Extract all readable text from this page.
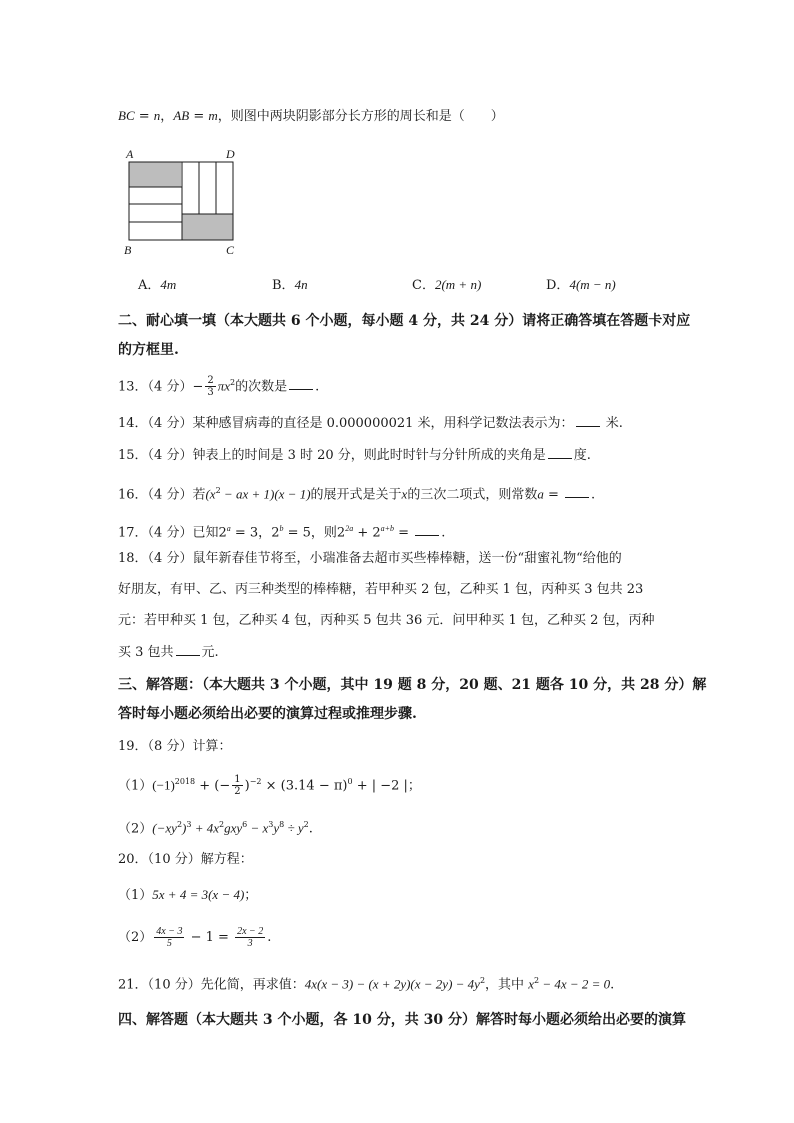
BC = n，AB = m，则图中两块阴影部分长方形的周长和是（　　）
A	D
B	C
A．4m	B．4n	C．2(m + n)	D．4(m − n)
二、耐心填一填（本大题共 6 个小题，每小题 4 分，共 24 分）请将正确答填在答题卡对应
的方框里.
13．（4 分）− $\frac{2}{3} \pi x^2$的次数是 .
14．（4 分）某种感冒病毒的直径是 0.000000021 米，用科学记数法表示为： 米.
15．（4 分）钟表上的时间是 3 时 20 分，则此时时针与分针所成的夹角是 度.
16．（4 分）若($x^2$ − ax + 1)(x − 1)的展开式是关于x的三次二项式，则常数a = .
17．（4 分）已知$2^a = 3$，$2^b = 5$，则$2^{2a} + 2^{a+b}$ = .
18．（4 分）鼠年新春佳节将至，小瑞准备去超市买些棒棒糖，送一份“甜蜜礼物“给他的
好朋友，有甲、乙、丙三种类型的棒棒糖，若甲种买 2 包，乙种买 1 包，丙种买 3 包共 23
元：若甲种买 1 包，乙种买 4 包，丙种买 5 包共 36 元．问甲种买 1 包，乙种买 2 包，丙种
买 3 包共 元.
三、解答题：（本大题共 3 个小题，其中 19 题 8 分，20 题、21 题各 10 分，共 28 分）解
答时每小题必须给出必要的演算过程或推理步骤.
19．（8 分）计算：
$(1)(-1)^{2018}$ + (− $\frac{1}{2} )^{-2} \times (3.14 - \pi)^0$ + | −2 |；
$(2)(-xy^2)^3 + 4x^2gxy^6 - x^3y^8 \div y^2$.
20．（10 分）解方程：
（1）5x + 4 = 3(x − 4)；
$(2) \frac{4x - 3}{5} - 1 = \frac{2x - 2}{3}$ .
21．（10 分）先化简，再求值：$4x(x - 3) - (x + 2y)(x - 2y) - 4y^2$，其中 $x^2 - 4x - 2 = 0$.
四、解答题（本大题共 3 个小题，各 10 分，共 30 分）解答时每小题必须给出必要的演算
